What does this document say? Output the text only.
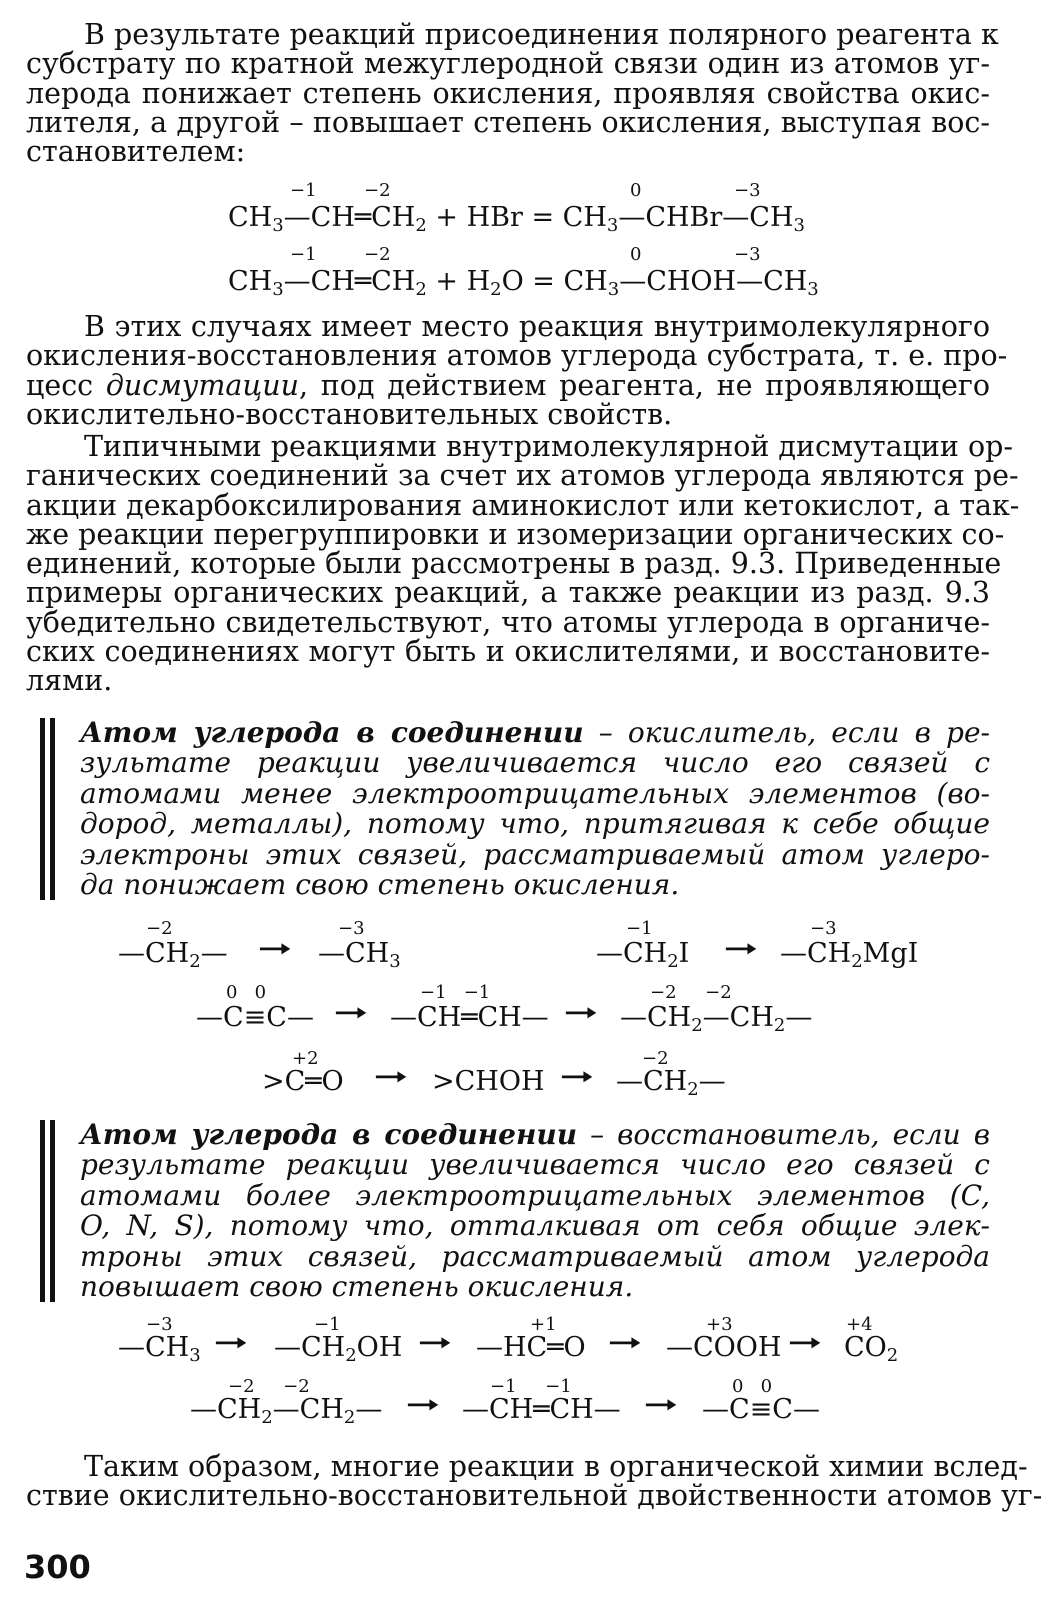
В результате реакций присоединения полярного реагента к
субстрату по кратной межуглеродной связи один из атомов уг-
лерода понижает степень окисления, проявляя свойства окис-
лителя, а другой – повышает степень окисления, выступая вос-
становителем:
−1	−2	0	−3
$CH_3—CH═CH_2$ + HBr = $CH_3—CHBr—CH_3$
−1	−2	0	−3
$CH_3—CH═CH_2 + H_2O$ = $CH_3—CHOH—CH_3$
В этих случаях имеет место реакция внутримолекулярного
окисления-восстановления атомов углерода субстрата, т. е. про-
цесс дисмутации, под действием реагента, не проявляющего
окислительно-восстановительных свойств.
Типичными реакциями внутримолекулярной дисмутации ор-
ганических соединений за счет их атомов углерода являются ре-
акции декарбоксилирования аминокислот или кетокислот, а так-
же реакции перегруппировки и изомеризации органических со-
единений, которые были рассмотрены в разд. 9.3. Приведенные
примеры органических реакций, а также реакции из разд. 9.3
убедительно свидетельствуют, что атомы углерода в органиче-
ских соединениях могут быть и окислителями, и восстановите-
лями.
Атом углерода в соединении – окислитель, если в ре-
зультате реакции увеличивается число его связей с
атомами менее электроотрицательных элементов (во-
дород, металлы), потому что, притягивая к себе общие
электроны этих связей, рассматриваемый атом углеро-
да понижает свою степень окисления.
−2	−3	−1	−3
$—CH_2—$ ➞ $—CH_3$	$—CH_2I$ ➞ $—CH_2MgI$
0   0	−1   −1	−2     −2
—C≡C— ➞ —CH═CH— ➞ $—CH_2—CH_2—$
+2	−2
>C═O ➞ >CHOH ➞ $—CH_2—$
Атом углерода в соединении – восстановитель, если в
результате реакции увеличивается число его связей с
атомами более электроотрицательных элементов (C,
O, N, S), потому что, отталкивая от себя общие элек-
троны этих связей, рассматриваемый атом углерода
повышает свою степень окисления.
−3	−1	+1	+3	+4
$—CH_3$ ➞ $—CH_2OH$ ➞ —HC═O ➞ —COOH ➞ $CO_2$
−2     −2	−1     −1	0   0
$—CH_2—CH_2—$ ➞ —CH═CH— ➞ —C≡C—
Таким образом, многие реакции в органической химии вслед-
ствие окислительно-восстановительной двойственности атомов уг-
300
